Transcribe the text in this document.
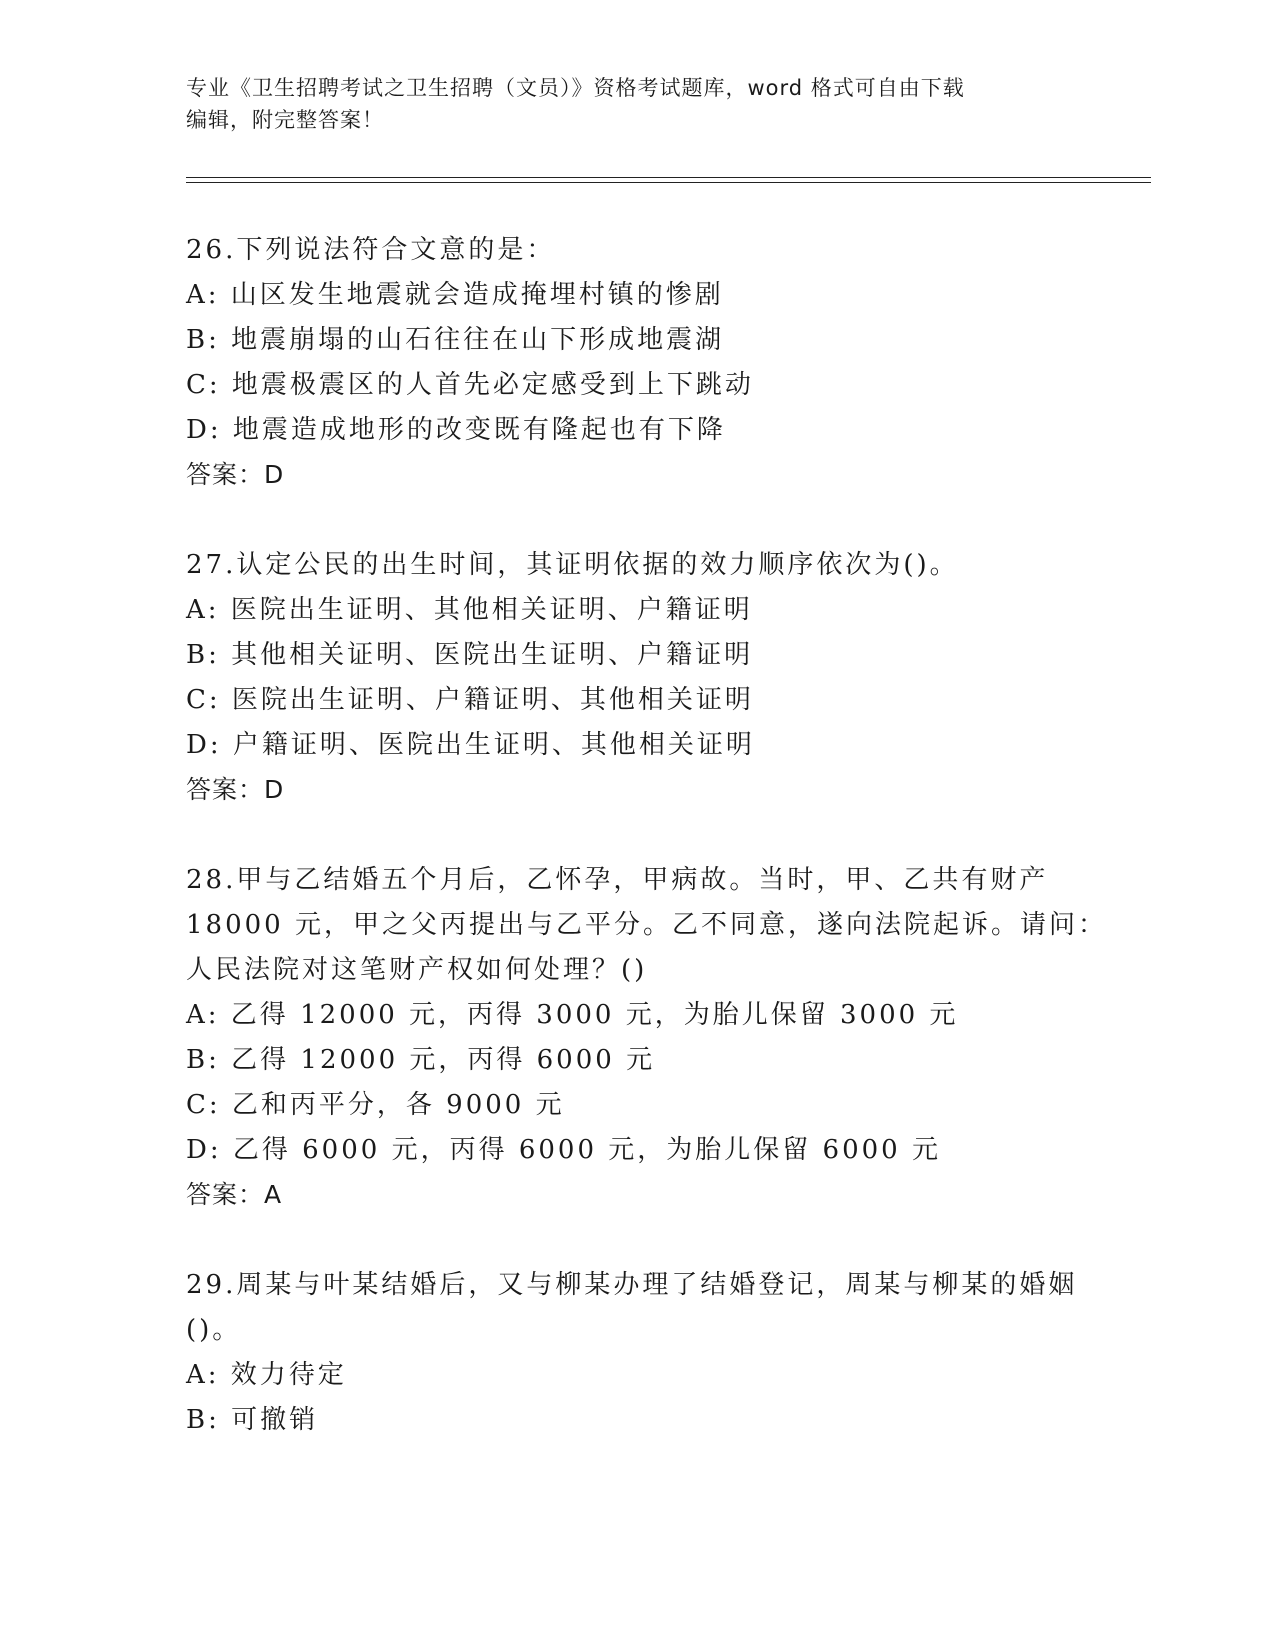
专业《卫生招聘考试之卫生招聘（文员）》资格考试题库，word 格式可自由下载
编辑，附完整答案！
26.下列说法符合文意的是：
A: 山区发生地震就会造成掩埋村镇的惨剧
B: 地震崩塌的山石往往在山下形成地震湖
C: 地震极震区的人首先必定感受到上下跳动
D: 地震造成地形的改变既有隆起也有下降
答案：D
27.认定公民的出生时间，其证明依据的效力顺序依次为()。
A: 医院出生证明、其他相关证明、户籍证明
B: 其他相关证明、医院出生证明、户籍证明
C: 医院出生证明、户籍证明、其他相关证明
D: 户籍证明、医院出生证明、其他相关证明
答案：D
28.甲与乙结婚五个月后，乙怀孕，甲病故。当时，甲、乙共有财产
18000 元，甲之父丙提出与乙平分。乙不同意，遂向法院起诉。请问：
人民法院对这笔财产权如何处理？()
A: 乙得 12000 元，丙得 3000 元，为胎儿保留 3000 元
B: 乙得 12000 元，丙得 6000 元
C: 乙和丙平分，各 9000 元
D: 乙得 6000 元，丙得 6000 元，为胎儿保留 6000 元
答案：A
29.周某与叶某结婚后，又与柳某办理了结婚登记，周某与柳某的婚姻
()。
A: 效力待定
B: 可撤销
